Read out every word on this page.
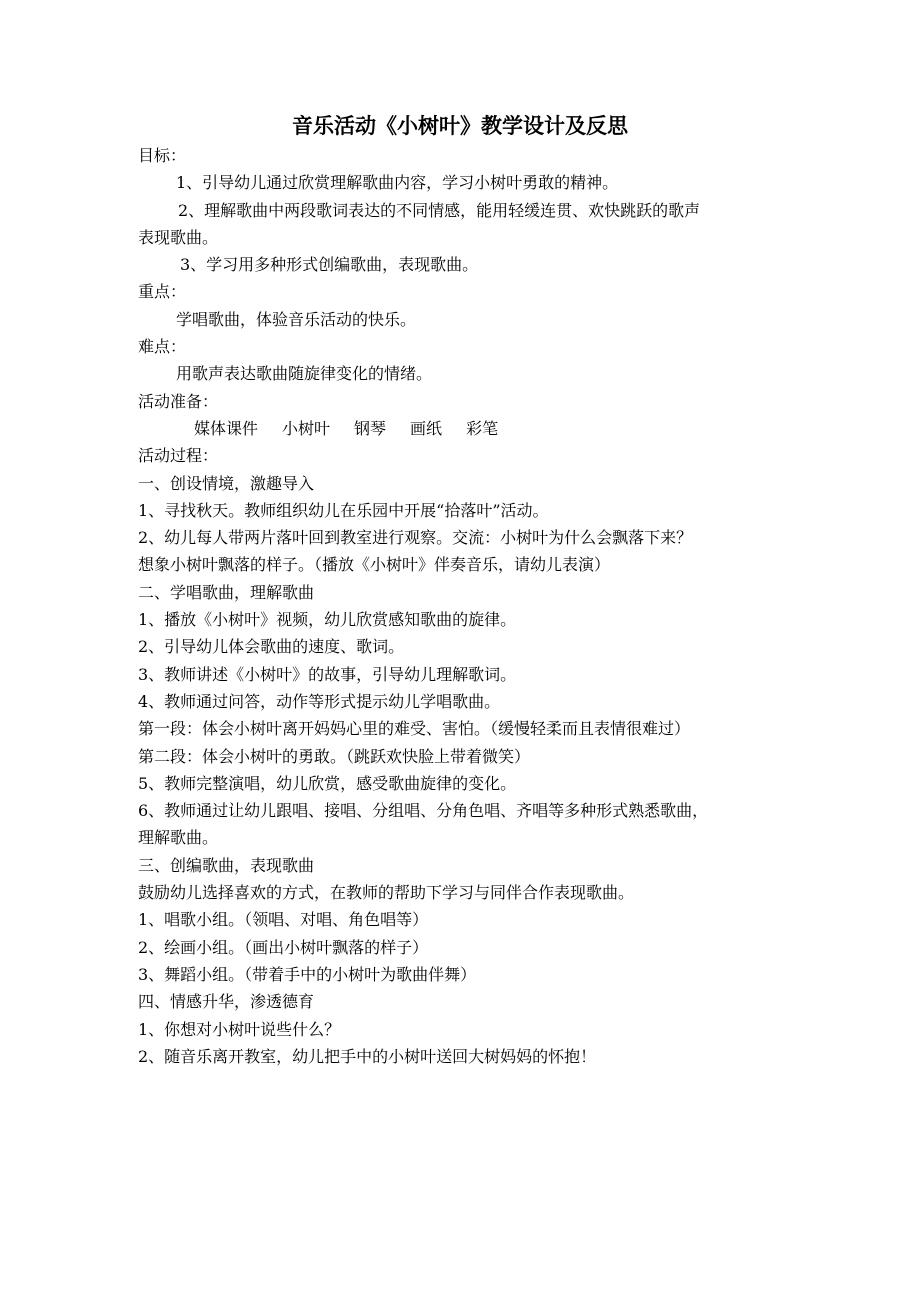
音乐活动《小树叶》教学设计及反思
目标：
1、引导幼儿通过欣赏理解歌曲内容，学习小树叶勇敢的精神。
2、理解歌曲中两段歌词表达的不同情感，能用轻缓连贯、欢快跳跃的歌声
表现歌曲。
3、学习用多种形式创编歌曲，表现歌曲。
重点：
学唱歌曲，体验音乐活动的快乐。
难点：
用歌声表达歌曲随旋律变化的情绪。
活动准备：
媒体课件 小树叶 钢琴 画纸 彩笔
活动过程：
一、创设情境，激趣导入
1、寻找秋天。教师组织幼儿在乐园中开展“拾落叶”活动。
2、幼儿每人带两片落叶回到教室进行观察。交流：小树叶为什么会飘落下来？
想象小树叶飘落的样子。（播放《小树叶》伴奏音乐，请幼儿表演）
二、学唱歌曲，理解歌曲
1、播放《小树叶》视频，幼儿欣赏感知歌曲的旋律。
2、引导幼儿体会歌曲的速度、歌词。
3、教师讲述《小树叶》的故事，引导幼儿理解歌词。
4、教师通过问答，动作等形式提示幼儿学唱歌曲。
第一段：体会小树叶离开妈妈心里的难受、害怕。（缓慢轻柔而且表情很难过）
第二段：体会小树叶的勇敢。（跳跃欢快脸上带着微笑）
5、教师完整演唱，幼儿欣赏，感受歌曲旋律的变化。
6、教师通过让幼儿跟唱、接唱、分组唱、分角色唱、齐唱等多种形式熟悉歌曲，
理解歌曲。
三、创编歌曲，表现歌曲
鼓励幼儿选择喜欢的方式，在教师的帮助下学习与同伴合作表现歌曲。
1、唱歌小组。（领唱、对唱、角色唱等）
2、绘画小组。（画出小树叶飘落的样子）
3、舞蹈小组。（带着手中的小树叶为歌曲伴舞）
四、情感升华，渗透德育
1、你想对小树叶说些什么？
2、随音乐离开教室，幼儿把手中的小树叶送回大树妈妈的怀抱！
